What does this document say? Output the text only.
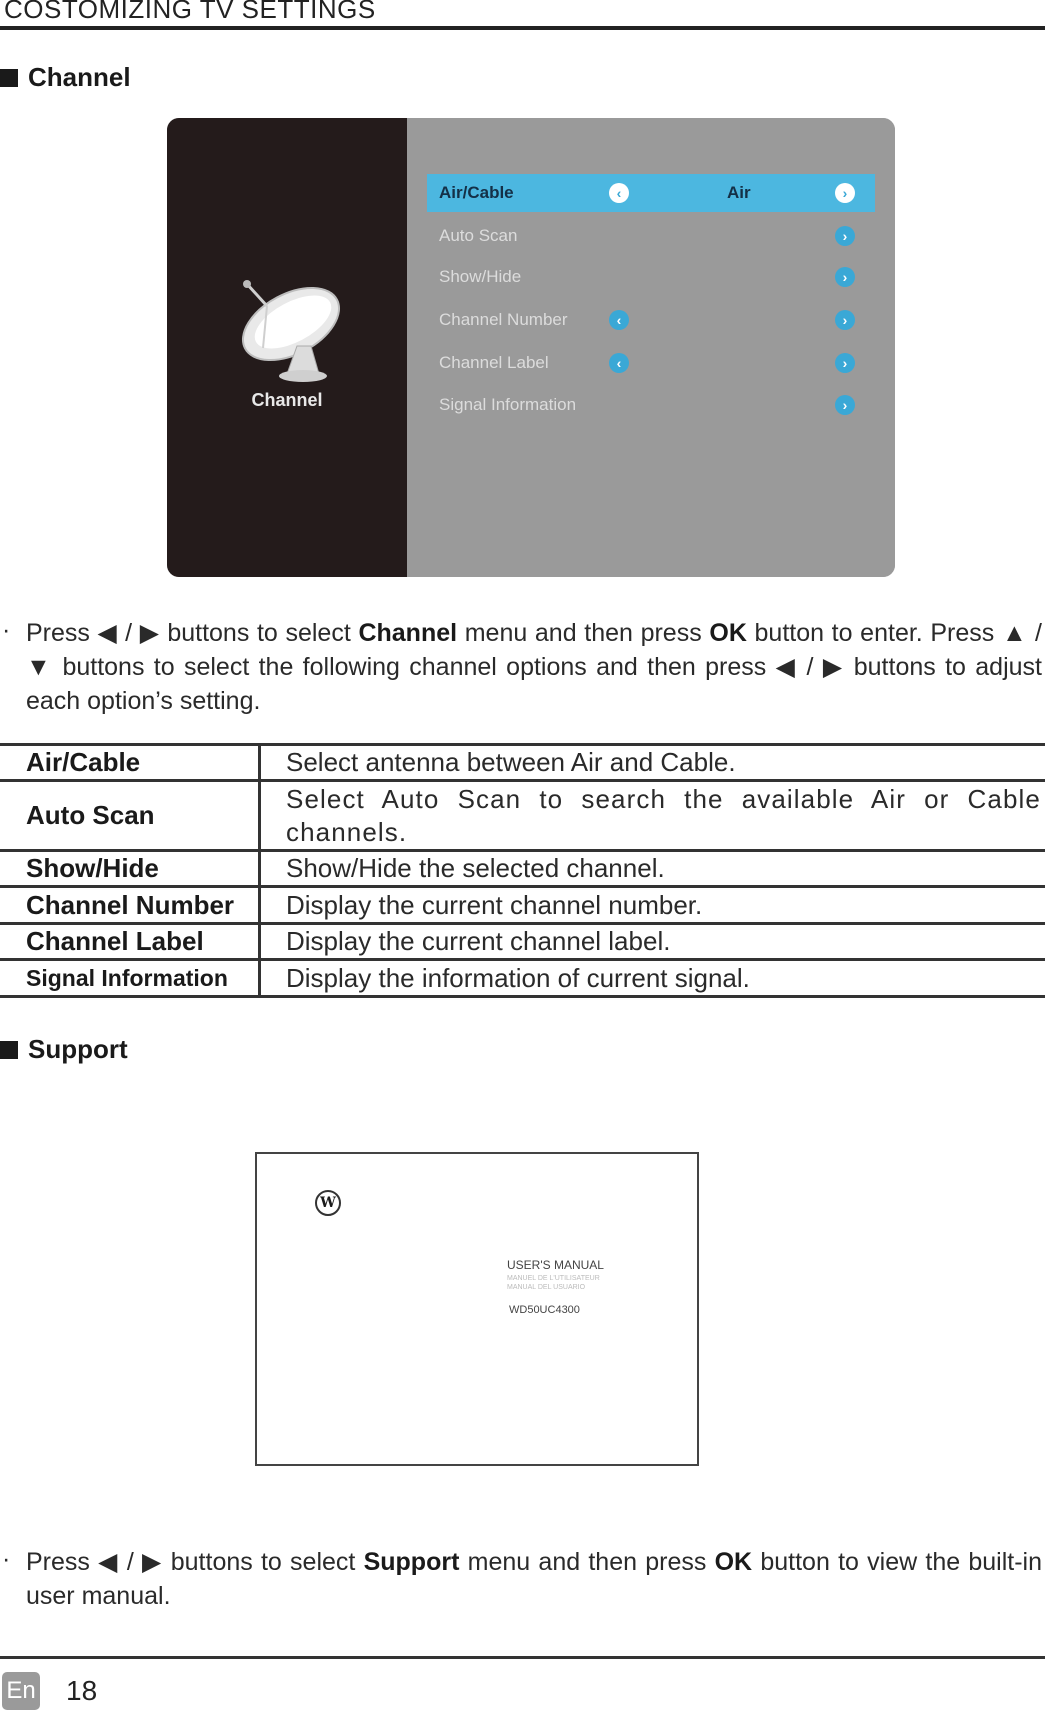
COSTOMIZING TV SETTINGS
Channel
Channel
Air/Cable	‹	Air	›
Auto Scan	›
Show/Hide	›
Channel Number	‹	›
Channel Label	‹	›
Signal Information	›
· Press ◀ / ▶ buttons to select Channel menu and then press OK button to enter. Press ▲ / ▼ buttons to select the following channel options and then press ◀ / ▶ buttons to adjust each option’s setting.
Air/Cable	Select antenna between Air and Cable.
Auto Scan	Select Auto Scan to search the available Air or Cable channels.
Show/Hide	Show/Hide the selected channel.
Channel Number	Display the current channel number.
Channel Label	Display the current channel label.
Signal Information	Display the information of current signal.
Support
W
USER'S MANUAL
MANUEL DE L'UTILISATEUR
MANUAL DEL USUARIO
WD50UC4300
· Press ◀ / ▶ buttons to select Support menu and then press OK button to view the built-in user manual.
En 18
